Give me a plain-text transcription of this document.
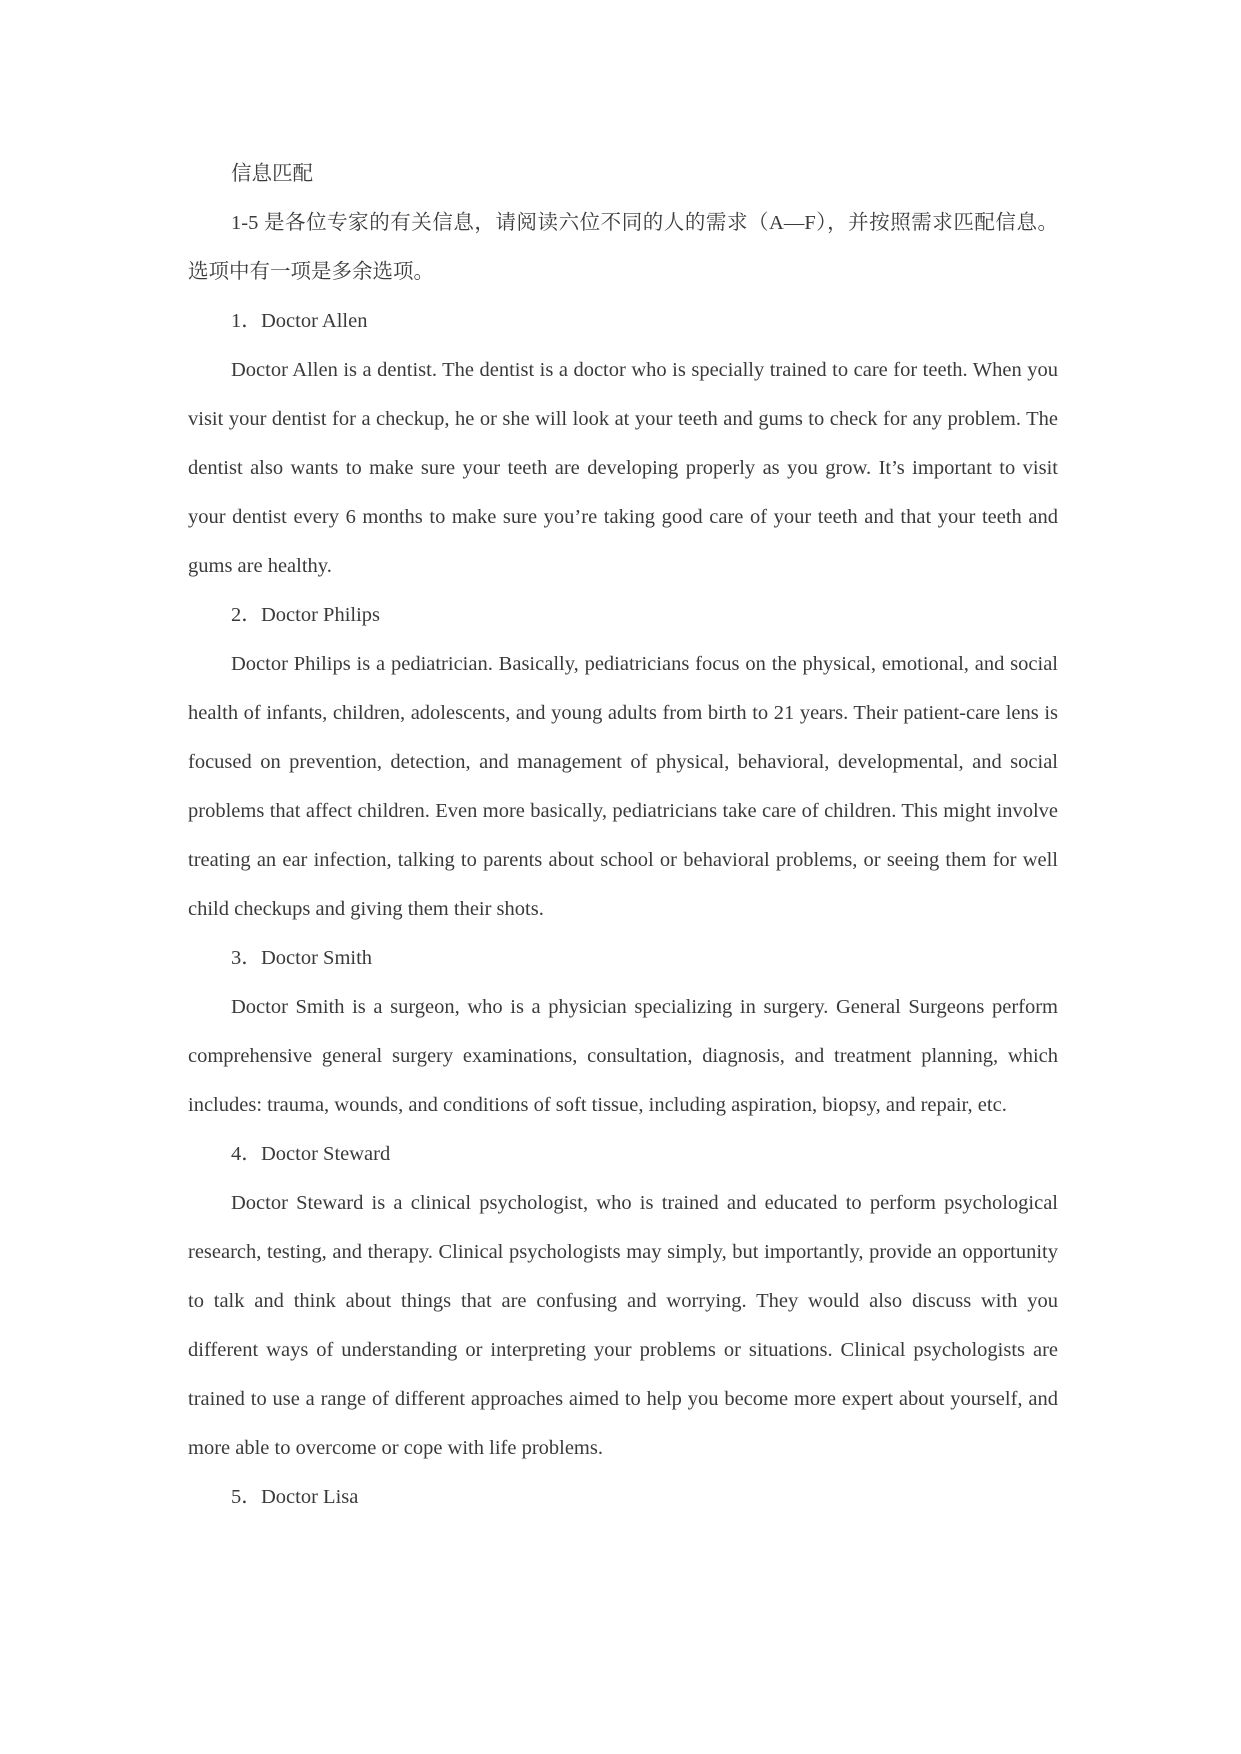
信息匹配

1-5 是各位专家的有关信息，请阅读六位不同的人的需求（A—F），并按照需求匹配信息。选项中有一项是多余选项。

1．Doctor Allen

Doctor Allen is a dentist. The dentist is a doctor who is specially trained to care for teeth. When you visit your dentist for a checkup, he or she will look at your teeth and gums to check for any problem. The dentist also wants to make sure your teeth are developing properly as you grow. It’s important to visit your dentist every 6 months to make sure you’re taking good care of your teeth and that your teeth and gums are healthy.

2．Doctor Philips

Doctor Philips is a pediatrician. Basically, pediatricians focus on the physical, emotional, and social health of infants, children, adolescents, and young adults from birth to 21 years. Their patient-care lens is focused on prevention, detection, and management of physical, behavioral, developmental, and social problems that affect children. Even more basically, pediatricians take care of children. This might involve treating an ear infection, talking to parents about school or behavioral problems, or seeing them for well child checkups and giving them their shots.

3．Doctor Smith

Doctor Smith is a surgeon, who is a physician specializing in surgery. General Surgeons perform comprehensive general surgery examinations, consultation, diagnosis, and treatment planning, which includes: trauma, wounds, and conditions of soft tissue, including aspiration, biopsy, and repair, etc.

4．Doctor Steward

Doctor Steward is a clinical psychologist, who is trained and educated to perform psychological research, testing, and therapy. Clinical psychologists may simply, but importantly, provide an opportunity to talk and think about things that are confusing and worrying. They would also discuss with you different ways of understanding or interpreting your problems or situations. Clinical psychologists are trained to use a range of different approaches aimed to help you become more expert about yourself, and more able to overcome or cope with life problems.

5．Doctor Lisa
